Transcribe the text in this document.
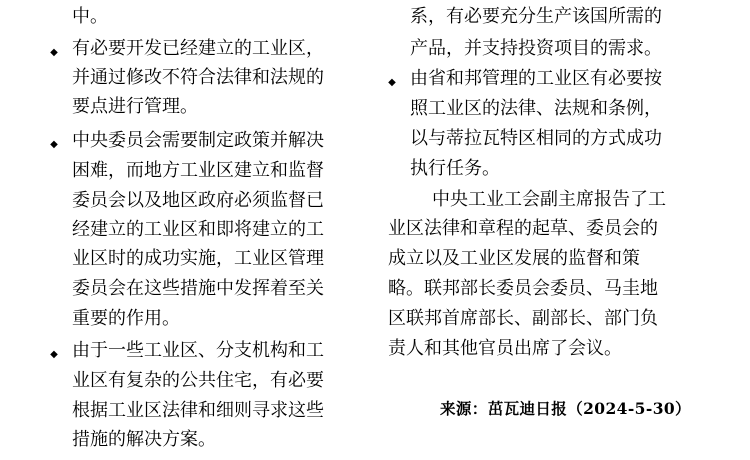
中。
◆ 有必要开发已经建立的工业区，
并通过修改不符合法律和法规的
要点进行管理。
◆ 中央委员会需要制定政策并解决
困难，而地方工业区建立和监督
委员会以及地区政府必须监督已
经建立的工业区和即将建立的工
业区时的成功实施，工业区管理
委员会在这些措施中发挥着至关
重要的作用。
◆ 由于一些工业区、分支机构和工
业区有复杂的公共住宅，有必要
根据工业区法律和细则寻求这些
措施的解决方案。
系，有必要充分生产该国所需的
产品，并支持投资项目的需求。
◆ 由省和邦管理的工业区有必要按
照工业区的法律、法规和条例，
以与蒂拉瓦特区相同的方式成功
执行任务。
中央工业工会副主席报告了工
业区法律和章程的起草、委员会的
成立以及工业区发展的监督和策
略。联邦部长委员会委员、马圭地
区联邦首席部长、副部长、部门负
责人和其他官员出席了会议。
来源：茁瓦迪日报（2024-5-30）
